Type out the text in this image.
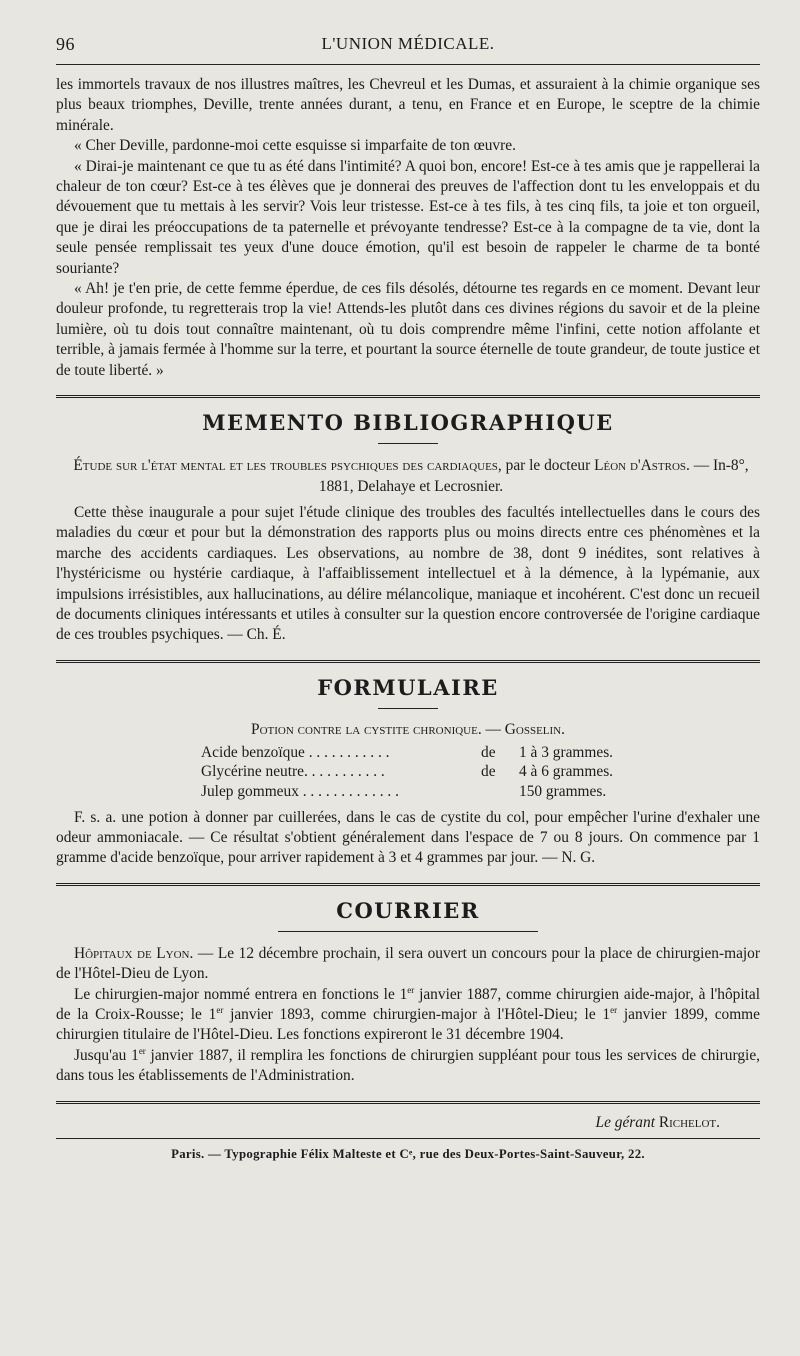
96	L'UNION MÉDICALE.

les immortels travaux de nos illustres maîtres, les Chevreul et les Dumas, et assuraient à la chimie organique ses plus beaux triomphes, Deville, trente années durant, a tenu, en France et en Europe, le sceptre de la chimie minérale.

« Cher Deville, pardonne-moi cette esquisse si imparfaite de ton œuvre.

« Dirai-je maintenant ce que tu as été dans l'intimité? A quoi bon, encore! Est-ce à tes amis que je rappellerai la chaleur de ton cœur? Est-ce à tes élèves que je donnerai des preuves de l'affection dont tu les enveloppais et du dévouement que tu mettais à les servir? Vois leur tristesse. Est-ce à tes fils, à tes cinq fils, ta joie et ton orgueil, que je dirai les préoccupations de ta paternelle et prévoyante tendresse? Est-ce à la compagne de ta vie, dont la seule pensée remplissait tes yeux d'une douce émotion, qu'il est besoin de rappeler le charme de ta bonté souriante?

« Ah! je t'en prie, de cette femme éperdue, de ces fils désolés, détourne tes regards en ce moment. Devant leur douleur profonde, tu regretterais trop la vie! Attends-les plutôt dans ces divines régions du savoir et de la pleine lumière, où tu dois tout connaître maintenant, où tu dois comprendre même l'infini, cette notion affolante et terrible, à jamais fermée à l'homme sur la terre, et pourtant la source éternelle de toute grandeur, de toute justice et de toute liberté. »

MEMENTO BIBLIOGRAPHIQUE

Étude sur l'état mental et les troubles psychiques des cardiaques, par le docteur Léon d'Astros. — In-8°, 1881, Delahaye et Lecrosnier.

Cette thèse inaugurale a pour sujet l'étude clinique des troubles des facultés intellectuelles dans le cours des maladies du cœur et pour but la démonstration des rapports plus ou moins directs entre ces phénomènes et la marche des accidents cardiaques. Les observations, au nombre de 38, dont 9 inédites, sont relatives à l'hystéricisme ou hystérie cardiaque, à l'affaiblissement intellectuel et à la démence, à la lypémanie, aux impulsions irrésistibles, aux hallucinations, au délire mélancolique, maniaque et incohérent. C'est donc un recueil de documents cliniques intéressants et utiles à consulter sur la question encore controversée de l'origine cardiaque de ces troubles psychiques. — Ch. É.

FORMULAIRE
Potion contre la cystite chronique. — Gosselin.
Acide benzoïque . . . . . . . . . . .	de	1 à 3 grammes.
Glycérine neutre. . . . . . . . . . .	de	4 à 6 grammes.
Julep gommeux . . . . . . . . . . . . .		150 grammes.

F. s. a. une potion à donner par cuillerées, dans le cas de cystite du col, pour empêcher l'urine d'exhaler une odeur ammoniacale. — Ce résultat s'obtient généralement dans l'espace de 7 ou 8 jours. On commence par 1 gramme d'acide benzoïque, pour arriver rapidement à 3 et 4 grammes par jour. — N. G.

COURRIER

Hôpitaux de Lyon. — Le 12 décembre prochain, il sera ouvert un concours pour la place de chirurgien-major de l'Hôtel-Dieu de Lyon.

Le chirurgien-major nommé entrera en fonctions le 1er janvier 1887, comme chirurgien aide-major, à l'hôpital de la Croix-Rousse; le 1er janvier 1893, comme chirurgien-major à l'Hôtel-Dieu; le 1er janvier 1899, comme chirurgien titulaire de l'Hôtel-Dieu. Les fonctions expireront le 31 décembre 1904.

Jusqu'au 1er janvier 1887, il remplira les fonctions de chirurgien suppléant pour tous les services de chirurgie, dans tous les établissements de l'Administration.

Le gérant Richelot.
Paris. — Typographie Félix Malteste et Cᵉ, rue des Deux-Portes-Saint-Sauveur, 22.
